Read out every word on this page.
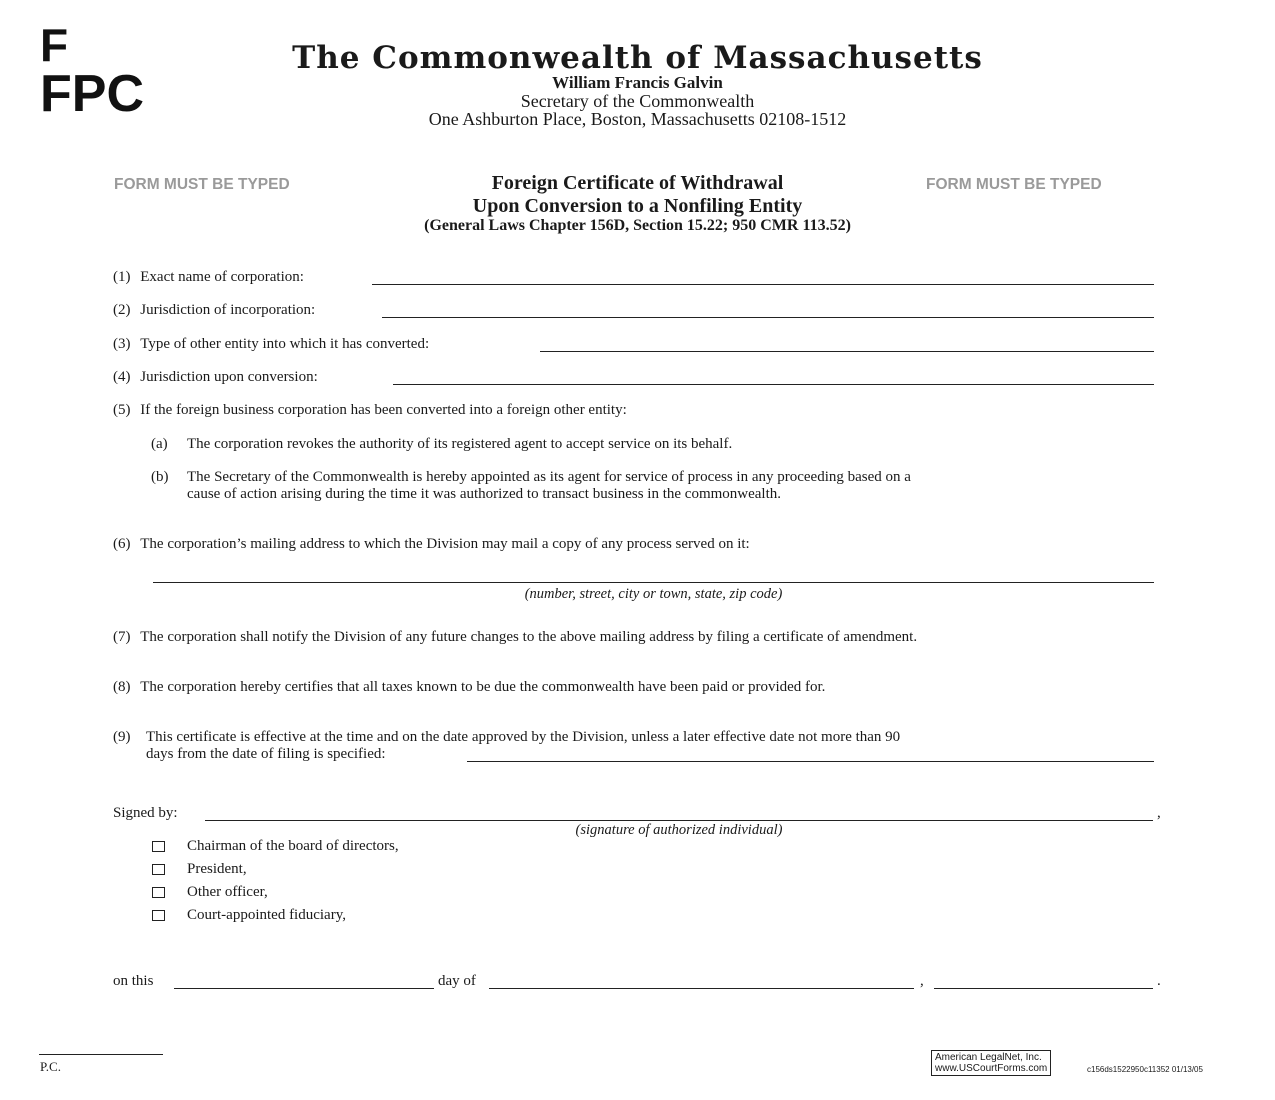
F
FPC
The Commonwealth of Massachusetts
William Francis Galvin
Secretary of the Commonwealth
One Ashburton Place, Boston, Massachusetts 02108-1512
FORM MUST BE TYPED	FORM MUST BE TYPED
Foreign Certificate of Withdrawal
Upon Conversion to a Nonfiling Entity
(General Laws Chapter 156D, Section 15.22; 950 CMR 113.52)
(1) Exact name of corporation:
(2) Jurisdiction of incorporation:
(3) Type of other entity into which it has converted:
(4) Jurisdiction upon conversion:
(5) If the foreign business corporation has been converted into a foreign other entity:
(a) The corporation revokes the authority of its registered agent to accept service on its behalf.
(b) The Secretary of the Commonwealth is hereby appointed as its agent for service of process in any proceeding based on a
cause of action arising during the time it was authorized to transact business in the commonwealth.
(6) The corporation’s mailing address to which the Division may mail a copy of any process served on it:
(number, street, city or town, state, zip code)
(7) The corporation shall notify the Division of any future changes to the above mailing address by filing a certificate of amendment.
(8) The corporation hereby certifies that all taxes known to be due the commonwealth have been paid or provided for.
(9) This certificate is effective at the time and on the date approved by the Division, unless a later effective date not more than 90
days from the date of filing is specified:
Signed by:	,
(signature of authorized individual)
Chairman of the board of directors,
President,
Other officer,
Court-appointed fiduciary,
on this	day of	,	.
P.C.
American LegalNet, Inc.
www.USCourtForms.com	c156ds1522950c11352 01/13/05
